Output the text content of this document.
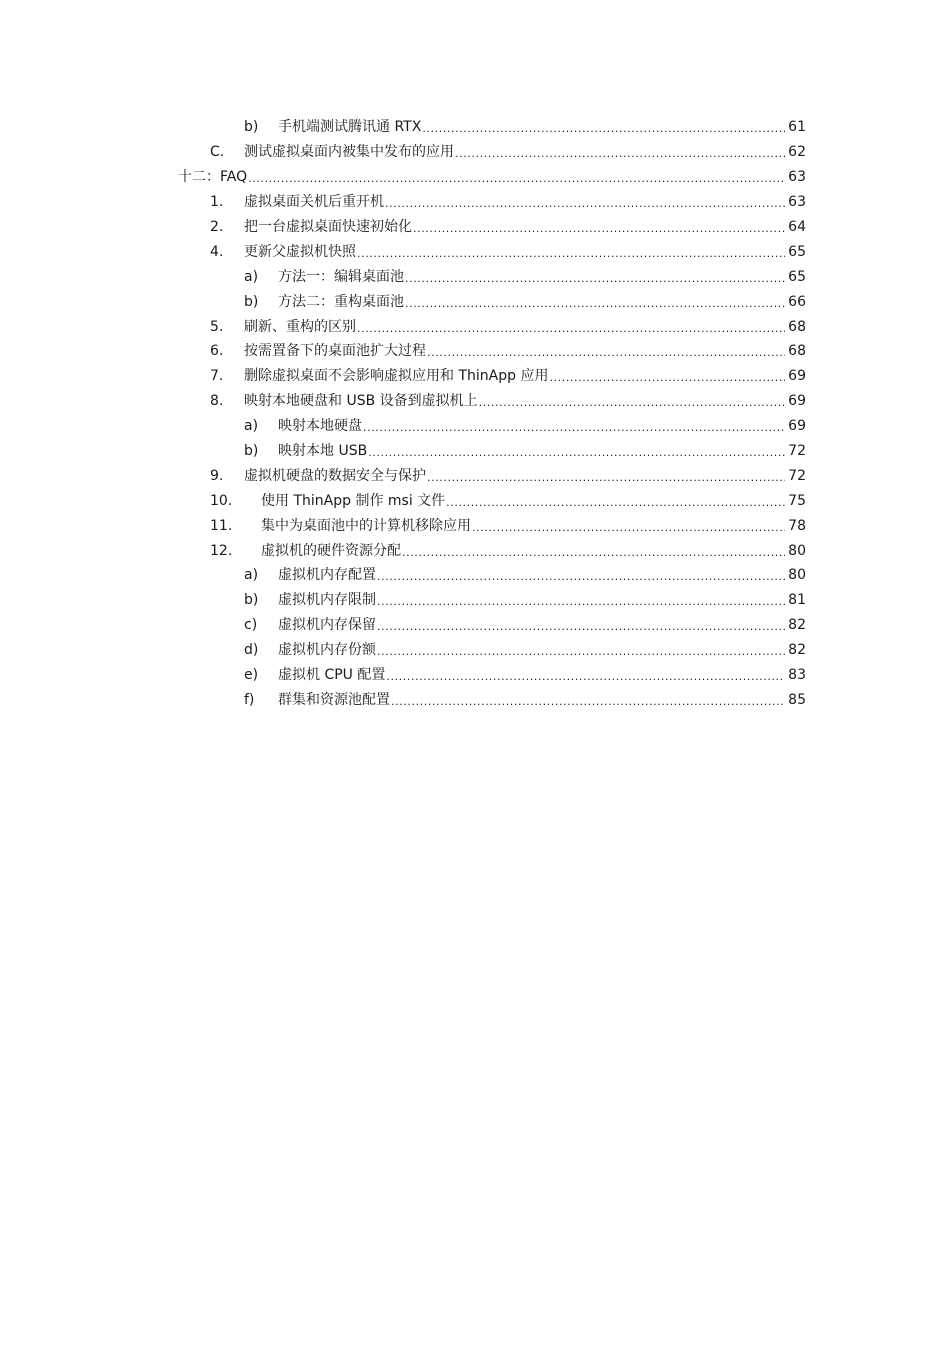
b)	手机端测试腾讯通 RTX .....	61
C.	测试虚拟桌面内被集中发布的应用 .....	62
十二： FAQ .....	63
1.	虚拟桌面关机后重开机 .....	63
2.	把一台虚拟桌面快速初始化 .....	64
4.	更新父虚拟机快照 .....	65
a)	方法一：编辑桌面池 .....	65
b)	方法二：重构桌面池 .....	66
5.	刷新、重构的区别 .....	68
6.	按需置备下的桌面池扩大过程 .....	68
7.	删除虚拟桌面不会影响虚拟应用和 ThinApp 应用 .....	69
8.	映射本地硬盘和 USB 设备到虚拟机上 .....	69
a)	映射本地硬盘 .....	69
b)	映射本地 USB .....	72
9.	虚拟机硬盘的数据安全与保护 .....	72
10.	使用 ThinApp 制作 msi 文件 .....	75
11.	集中为桌面池中的计算机移除应用 .....	78
12.	虚拟机的硬件资源分配 .....	80
a)	虚拟机内存配置 .....	80
b)	虚拟机内存限制 .....	81
c)	虚拟机内存保留 .....	82
d)	虚拟机内存份额 .....	82
e)	虚拟机 CPU 配置 .....	83
f)	群集和资源池配置 .....	85
